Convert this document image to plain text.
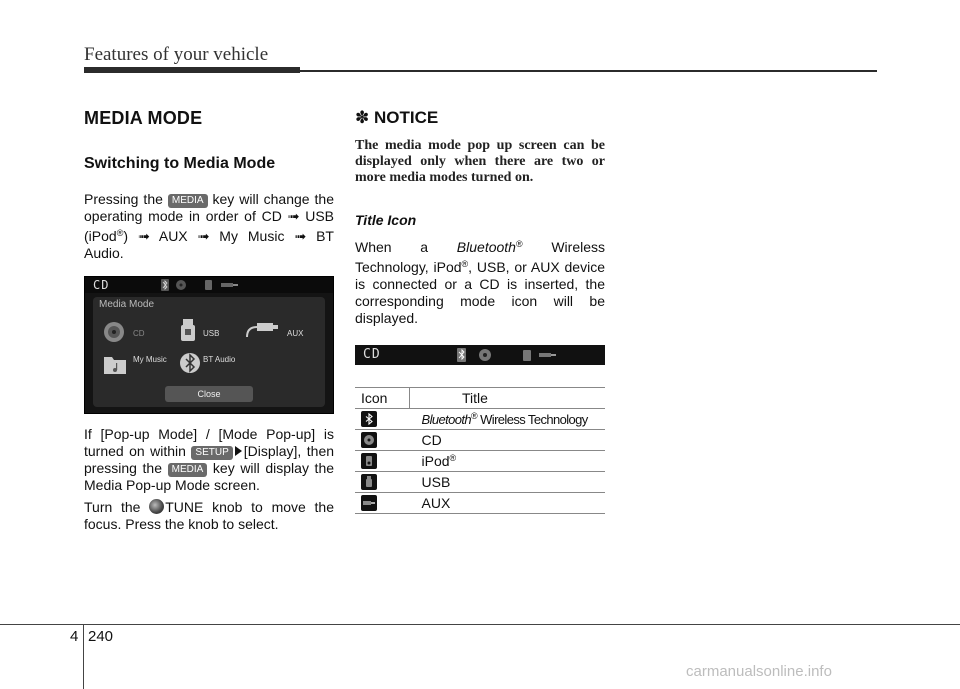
Features of your vehicle
MEDIA MODE
Switching to Media Mode

Pressing the MEDIA key will change the operating mode in order of CD ➟ USB (iPod®) ➟ AUX ➟ My Music ➟ BT Audio.

CD
Media Mode
CD	USB	AUX
My Music	BT Audio
Close

If [Pop-up Mode] / [Mode Pop-up] is turned on within SETUP [Display], then pressing the MEDIA key will display the Media Pop-up Mode screen.

Turn the TUNE knob to move the focus. Press the knob to select.

✽ NOTICE

The media mode pop up screen can be displayed only when there are two or more media modes turned on.

Title Icon

When a Bluetooth® Wireless Technology, iPod®, USB, or AUX device is connected or a CD is inserted, the corresponding mode icon will be displayed.

CD
Icon	Title

	Bluetooth® Wireless Technology

	CD

	iPod®

	USB

	AUX
4 240
carmanualsonline.info
